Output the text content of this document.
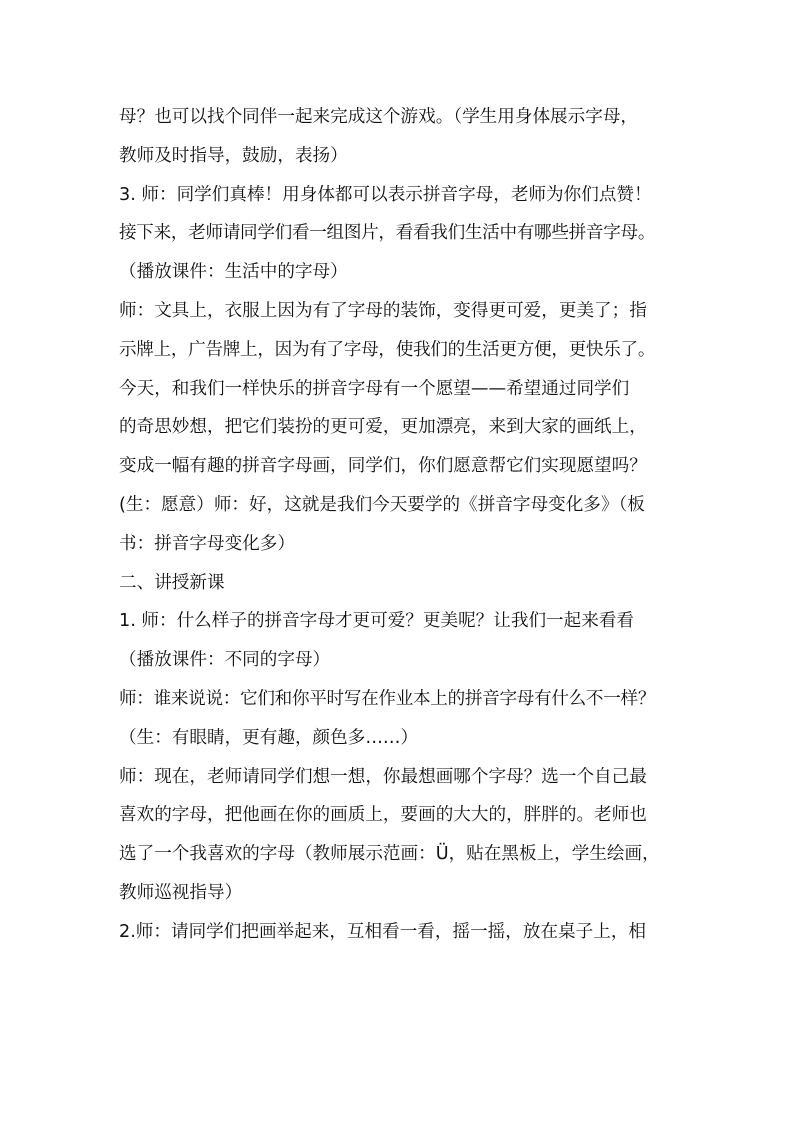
母？也可以找个同伴一起来完成这个游戏。（学生用身体展示字母，
教师及时指导，鼓励，表扬）
3. 师：同学们真棒！用身体都可以表示拼音字母，老师为你们点赞！
接下来，老师请同学们看一组图片，看看我们生活中有哪些拼音字母。
（播放课件：生活中的字母）
师：文具上，衣服上因为有了字母的装饰，变得更可爱，更美了；指
示牌上，广告牌上，因为有了字母，使我们的生活更方便，更快乐了。
今天，和我们一样快乐的拼音字母有一个愿望——希望通过同学们
的奇思妙想，把它们装扮的更可爱，更加漂亮，来到大家的画纸上，
变成一幅有趣的拼音字母画，同学们，你们愿意帮它们实现愿望吗？
(生：愿意）师：好，这就是我们今天要学的《拼音字母变化多》（板
书：拼音字母变化多）
二、讲授新课
1. 师：什么样子的拼音字母才更可爱？更美呢？让我们一起来看看
（播放课件：不同的字母）
师：谁来说说：它们和你平时写在作业本上的拼音字母有什么不一样？
（生：有眼睛，更有趣，颜色多……）
师：现在，老师请同学们想一想，你最想画哪个字母？选一个自己最
喜欢的字母，把他画在你的画质上，要画的大大的，胖胖的。老师也
选了一个我喜欢的字母（教师展示范画：Ü，贴在黑板上，学生绘画，
教师巡视指导）
2.师：请同学们把画举起来，互相看一看，摇一摇，放在桌子上，相
